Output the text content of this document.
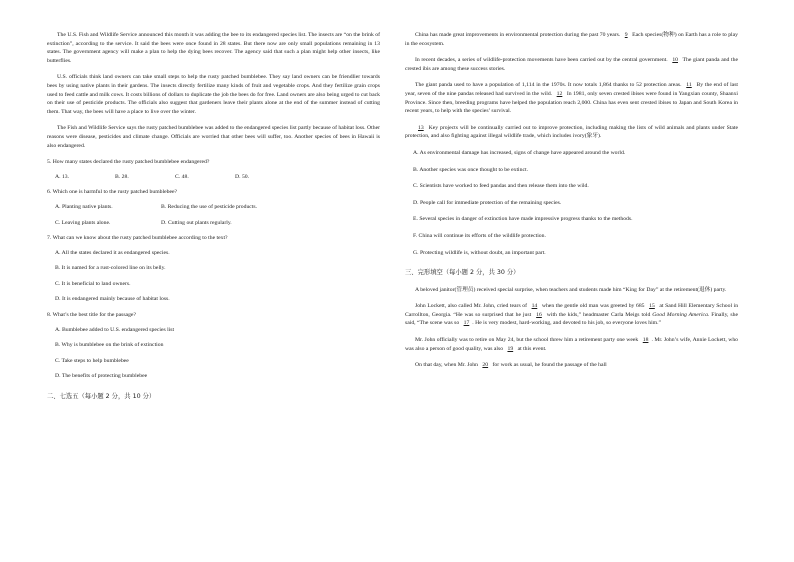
The U.S. Fish and Wildlife Service announced this month it was adding the bee to its endangered species list. The insects are “on the brink of extinction”, according to the service. It said the bees were once found in 28 states. But there now are only small populations remaining in 13 states. The government agency will make a plan to help the dying bees recover. The agency said that such a plan might help other insects, like butterflies.

U.S. officials think land owners can take small steps to help the rusty patched bumblebee. They say land owners can be friendlier towards bees by using native plants in their gardens. The insects directly fertilize many kinds of fruit and vegetable crops. And they fertilize grain crops used to feed cattle and milk cows. It costs billions of dollars to duplicate the job the bees do for free. Land owners are also being urged to cut back on their use of pesticide products. The officials also suggest that gardeners leave their plants alone at the end of the summer instead of cutting them. That way, the bees will have a place to live over the winter.

The Fish and Wildlife Service says the rusty patched bumblebee was added to the endangered species list partly because of habitat loss. Other reasons were disease, pesticides and climate change. Officials are worried that other bees will suffer, too. Another species of bees in Hawaii is also endangered.

5. How many states declared the rusty patched bumblebee endangered?
A. 13.	B. 28.	C. 48.	D. 50.
6. Which one is harmful to the rusty patched bumblebee?
A. Planting native plants.	B. Reducing the use of pesticide products.
C. Leaving plants alone.	D. Cutting out plants regularly.
7. What can we know about the rusty patched bumblebee according to the text?
A. All the states declared it as endangered species.
B. It is named for a rust-colored line on its belly.
C. It is beneficial to land owners.
D. It is endangered mainly because of habitat loss.
8. What’s the best title for the passage?
A. Bumblebee added to U.S. endangered species list
B. Why is bumblebee on the brink of extinction
C. Take steps to help bumblebee
D. The benefits of protecting bumblebee

二、七选五（每小题 2 分，共 10 分）

China has made great improvements in environmental protection during the past 70 years. 9 Each species(物种) on Earth has a role to play in the ecosystem.

In recent decades, a series of wildlife-protection movements have been carried out by the central government. 10 The giant panda and the crested ibis are among these success stories.

The giant panda used to have a population of 1,114 in the 1970s. It now totals 1,864 thanks to 52 protection areas. 11 By the end of last year, seven of the nine pandas released had survived in the wild. 12 In 1981, only seven crested ibises were found in Yangxian county, Shaanxi Province. Since then, breeding programs have helped the population reach 2,000. China has even sent crested ibises to Japan and South Korea in recent years, to help with the species’ survival.

13 Key projects will be continually carried out to improve protection, including making the lists of wild animals and plants under State protection, and also fighting against illegal wildlife trade, which includes ivory(象牙).

A. As environmental damage has increased, signs of change have appeared around the world.
B. Another species was once thought to be extinct.
C. Scientists have worked to feed pandas and then release them into the wild.
D. People call for immediate protection of the remaining species.
E. Several species in danger of extinction have made impressive progress thanks to the methods.
F. China will continue its efforts of the wildlife protection.
G. Protecting wildlife is, without doubt, an important part.

三、完形填空（每小题 2 分，共 30 分）

A beloved janitor(管理员) received special surprise, when teachers and students made him “King for Day” at the retirement(退休) party.

John Lockett, also called Mr. John, cried tears of 14 when the gentle old man was greeted by 685 15 at Sand Hill Elementary School in Carrollton, Georgia. “He was so surprised that he just 16 with the kids,” headmaster Carla Meigs told Good Morning America. Finally, she said, “The scene was so 17 . He is very modest, hard-working, and devoted to his job, so everyone loves him.”

Mr. John officially was to retire on May 24, but the school threw him a retirement party one week 18 . Mr. John’s wife, Annie Lockett, who was also a person of good quality, was also 19 at this event.

On that day, when Mr. John 20 for work as usual, he found the passage of the hall
